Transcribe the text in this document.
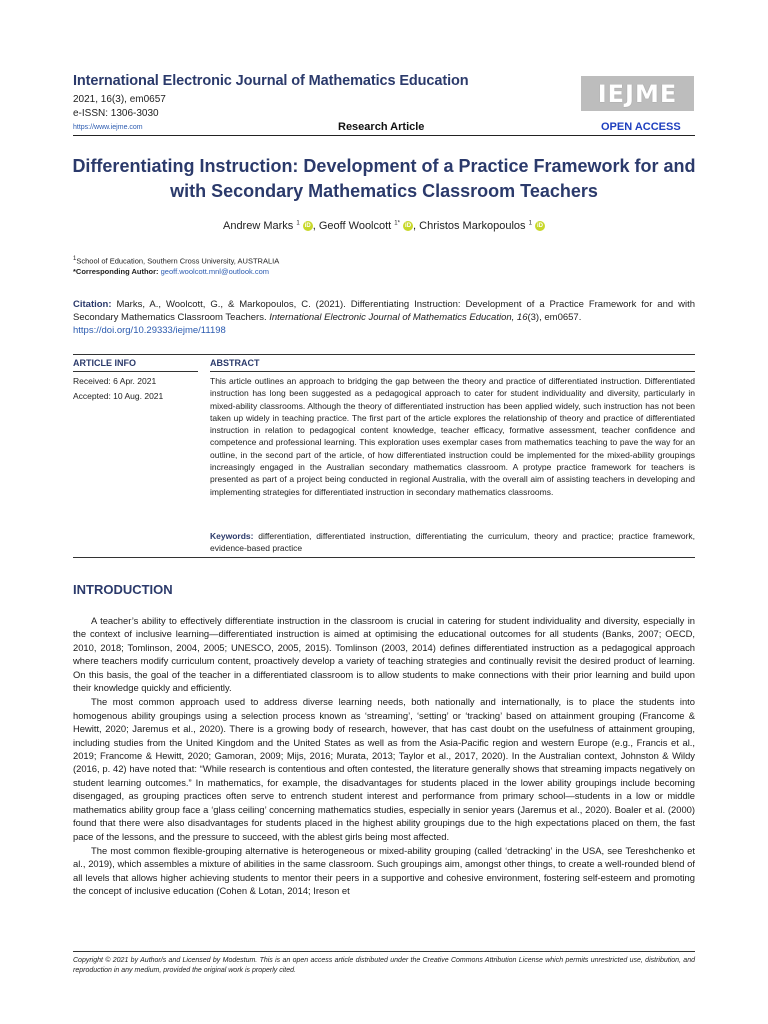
International Electronic Journal of Mathematics Education
2021, 16(3), em0657
e-ISSN: 1306-3030
https://www.iejme.com
IEJME
Research Article	OPEN ACCESS
Differentiating Instruction: Development of a Practice Framework for and with Secondary Mathematics Classroom Teachers
Andrew Marks $^1$ iD , Geoff Woolcott $^{1*}$ iD , Christos Markopoulos $^1$ iD
$^1$School of Education, Southern Cross University, AUSTRALIA
*Corresponding Author: geoff.woolcott.mnl@outlook.com
Citation: Marks, A., Woolcott, G., & Markopoulos, C. (2021). Differentiating Instruction: Development of a Practice Framework for and with Secondary Mathematics Classroom Teachers. International Electronic Journal of Mathematics Education, 16(3), em0657.
https://doi.org/10.29333/iejme/11198
ARTICLE INFO	ABSTRACT
Received: 6 Apr. 2021
Accepted: 10 Aug. 2021
This article outlines an approach to bridging the gap between the theory and practice of differentiated instruction. Differentiated instruction has long been suggested as a pedagogical approach to cater for student individuality and diversity, particularly in mixed-ability classrooms. Although the theory of differentiated instruction has been applied widely, such instruction has not been taken up widely in teaching practice. The first part of the article explores the relationship of theory and practice of differentiated instruction in relation to pedagogical content knowledge, teacher efficacy, formative assessment, teacher confidence and competence and professional learning. This exploration uses exemplar cases from mathematics teaching to pave the way for an outline, in the second part of the article, of how differentiated instruction could be implemented for the mixed-ability groupings increasingly engaged in the Australian secondary mathematics classroom. A protype practice framework for teachers is presented as part of a project being conducted in regional Australia, with the overall aim of assisting teachers in developing and implementing strategies for differentiated instruction in secondary mathematics classrooms.
Keywords: differentiation, differentiated instruction, differentiating the curriculum, theory and practice; practice framework, evidence-based practice
INTRODUCTION

A teacher’s ability to effectively differentiate instruction in the classroom is crucial in catering for student individuality and diversity, especially in the context of inclusive learning—differentiated instruction is aimed at optimising the educational outcomes for all students (Banks, 2007; OECD, 2010, 2018; Tomlinson, 2004, 2005; UNESCO, 2005, 2015). Tomlinson (2003, 2014) defines differentiated instruction as a pedagogical approach where teachers modify curriculum content, proactively develop a variety of teaching strategies and continually revisit the desired product of learning. On this basis, the goal of the teacher in a differentiated classroom is to allow students to make connections with their prior learning and build upon their knowledge quickly and efficiently.

The most common approach used to address diverse learning needs, both nationally and internationally, is to place the students into homogenous ability groupings using a selection process known as ‘streaming’, ‘setting’ or ‘tracking’ based on attainment grouping (Francome & Hewitt, 2020; Jaremus et al., 2020). There is a growing body of research, however, that has cast doubt on the usefulness of attainment grouping, including studies from the United Kingdom and the United States as well as from the Asia-Pacific region and western Europe (e.g., Francis et al., 2019; Francome & Hewitt, 2020; Gamoran, 2009; Mijs, 2016; Murata, 2013; Taylor et al., 2017, 2020). In the Australian context, Johnston & Wildy (2016, p. 42) have noted that: “While research is contentious and often contested, the literature generally shows that streaming impacts negatively on student learning outcomes.” In mathematics, for example, the disadvantages for students placed in the lower ability groupings include becoming disengaged, as grouping practices often serve to entrench student interest and performance from primary school—students in a low or middle mathematics ability group face a ‘glass ceiling’ concerning mathematics studies, especially in senior years (Jaremus et al., 2020). Boaler et al. (2000) found that there were also disadvantages for students placed in the highest ability groupings due to the high expectations placed on them, the fast pace of the lessons, and the pressure to succeed, with the ablest girls being most affected.

The most common flexible-grouping alternative is heterogeneous or mixed-ability grouping (called ‘detracking’ in the USA, see Tereshchenko et al., 2019), which assembles a mixture of abilities in the same classroom. Such groupings aim, amongst other things, to create a well-rounded blend of all levels that allows higher achieving students to mentor their peers in a supportive and cohesive environment, fostering self-esteem and promoting the concept of inclusive education (Cohen & Lotan, 2014; Ireson et

Copyright © 2021 by Author/s and Licensed by Modestum. This is an open access article distributed under the Creative Commons Attribution License which permits unrestricted use, distribution, and reproduction in any medium, provided the original work is properly cited.
